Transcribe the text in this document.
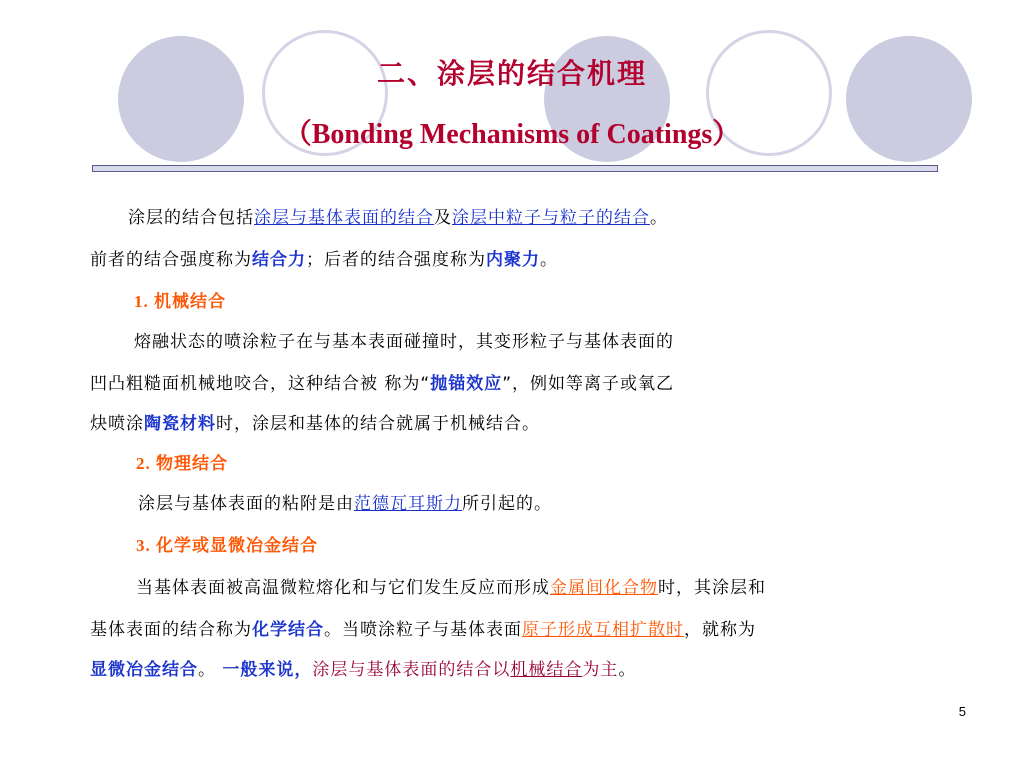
二、涂层的结合机理
（Bonding Mechanisms of Coatings）
涂层的结合包括涂层与基体表面的结合及涂层中粒子与粒子的结合。
前者的结合强度称为结合力；后者的结合强度称为内聚力。
1. 机械结合
熔融状态的喷涂粒子在与基本表面碰撞时，其变形粒子与基体表面的
凹凸粗糙面机械地咬合，这种结合被 称为“抛锚效应”，例如等离子或氧乙
炔喷涂陶瓷材料时，涂层和基体的结合就属于机械结合。
2. 物理结合
涂层与基体表面的粘附是由范德瓦耳斯力所引起的。
3. 化学或显微冶金结合
当基体表面被高温微粒熔化和与它们发生反应而形成金属间化合物时，其涂层和
基体表面的结合称为化学结合。当喷涂粒子与基体表面原子形成互相扩散时，就称为
显微冶金结合。 一般来说，涂层与基体表面的结合以机械结合为主。
5
